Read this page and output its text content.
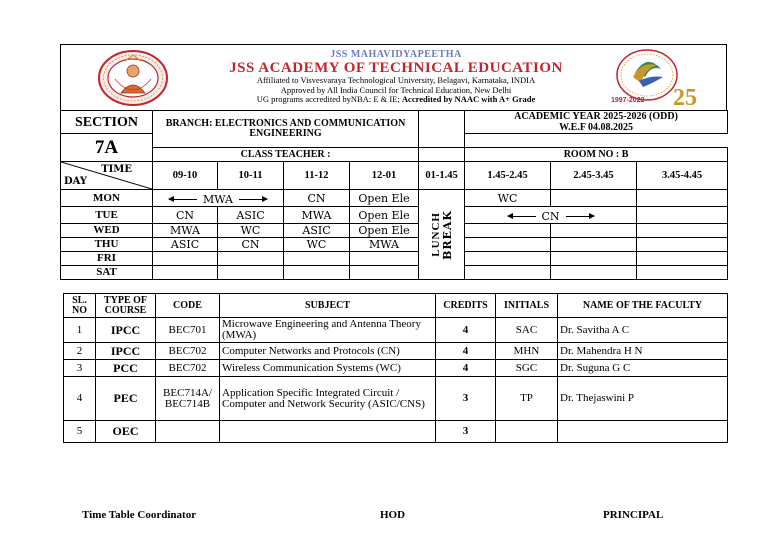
JSS MAHAVIDYAPEETHA
JSS ACADEMY OF TECHNICAL EDUCATION
Affiliated to Visvesvaraya Technological University, Belagavi, Karnataka, INDIA
Approved by All India Council for Technical Education, New Delhi
UG programs accredited byNBA: E & IE; Accredited by NAAC with A+ Grade	1997-2022 25
SECTION	BRANCH: ELECTRONICS AND COMMUNICATION ENGINEERING					ACADEMIC YEAR 2025-2026 (ODD)
W.E.F 04.08.2025		

7A							
	CLASS TEACHER :					ROOM NO : B		

TIME
DAY	09-10	10-11	11-12	12-01	01-1.45	1.45-2.45	2.45-3.45	3.45-4.45
MON	MWA		CN	Open Ele	LUNCH BREAK	WC		
TUE	CN	ASIC	MWA	Open Ele		CN		

WED	MWA	WC	ASIC	Open Ele				
THU	ASIC	CN	WC	MWA				
FRI								
SAT								
SL. NO	TYPE OF COURSE	CODE	SUBJECT	CREDITS	INITIALS	NAME OF THE FACULTY
1	IPCC	BEC701	Microwave Engineering and Antenna Theory (MWA)	4	SAC	Dr. Savitha A C
2	IPCC	BEC702	Computer Networks and Protocols (CN)	4	MHN	Dr. Mahendra H N
3	PCC	BEC702	Wireless Communication Systems (WC)	4	SGC	Dr. Suguna G C
4	PEC	BEC714A/ BEC714B	Application Specific Integrated Circuit / Computer and Network Security (ASIC/CNS)	3	TP	Dr. Thejaswini P
5	OEC			3		
Time Table Coordinator	HOD	PRINCIPAL
